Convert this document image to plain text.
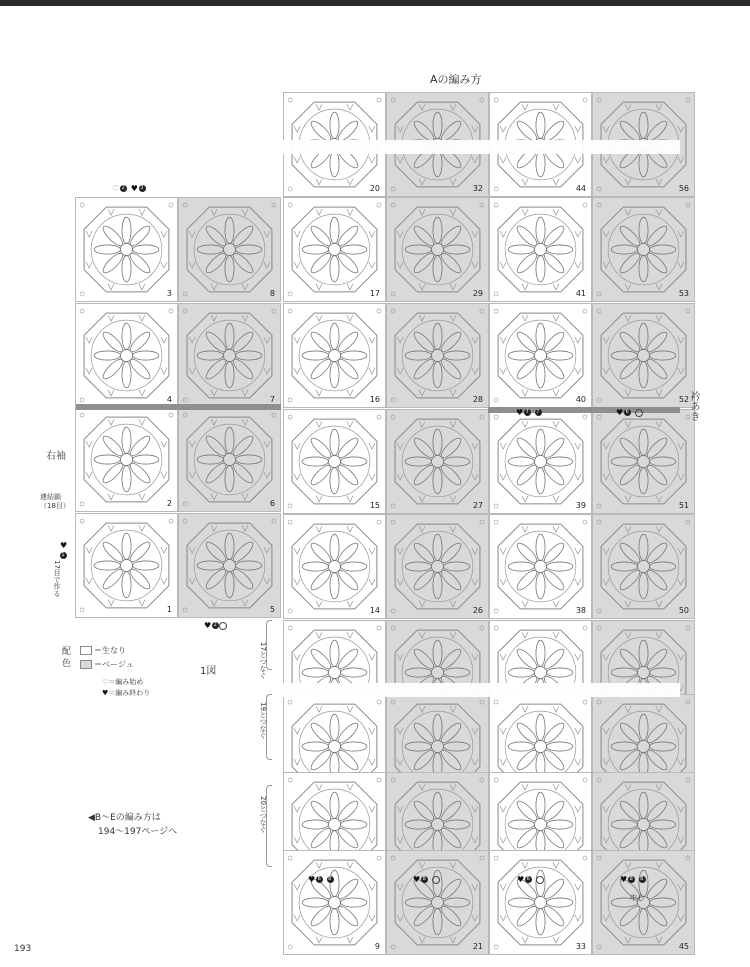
Aの編み方
3	8
4	7
2	6
1	5
20
17
16
15
14
9
32
29
28
27
26
21
44
41
40
39
38
33
56
53
52
51
50
45
右袖
連結鎖
（18目）
衿あき
中心
17目で作る
17とつなぐ
19とつなぐ
20とつなぐ
配色
＝生なり
＝ベージュ
♡＝編み始め
♥＝編み終わり
1図
◀B～Eの編み方は
194～197ページへ
193
♡2 ♥3
♥2
♥7 7	♥6
♥6 8	♥8	♥6	♥8 8
♥1
